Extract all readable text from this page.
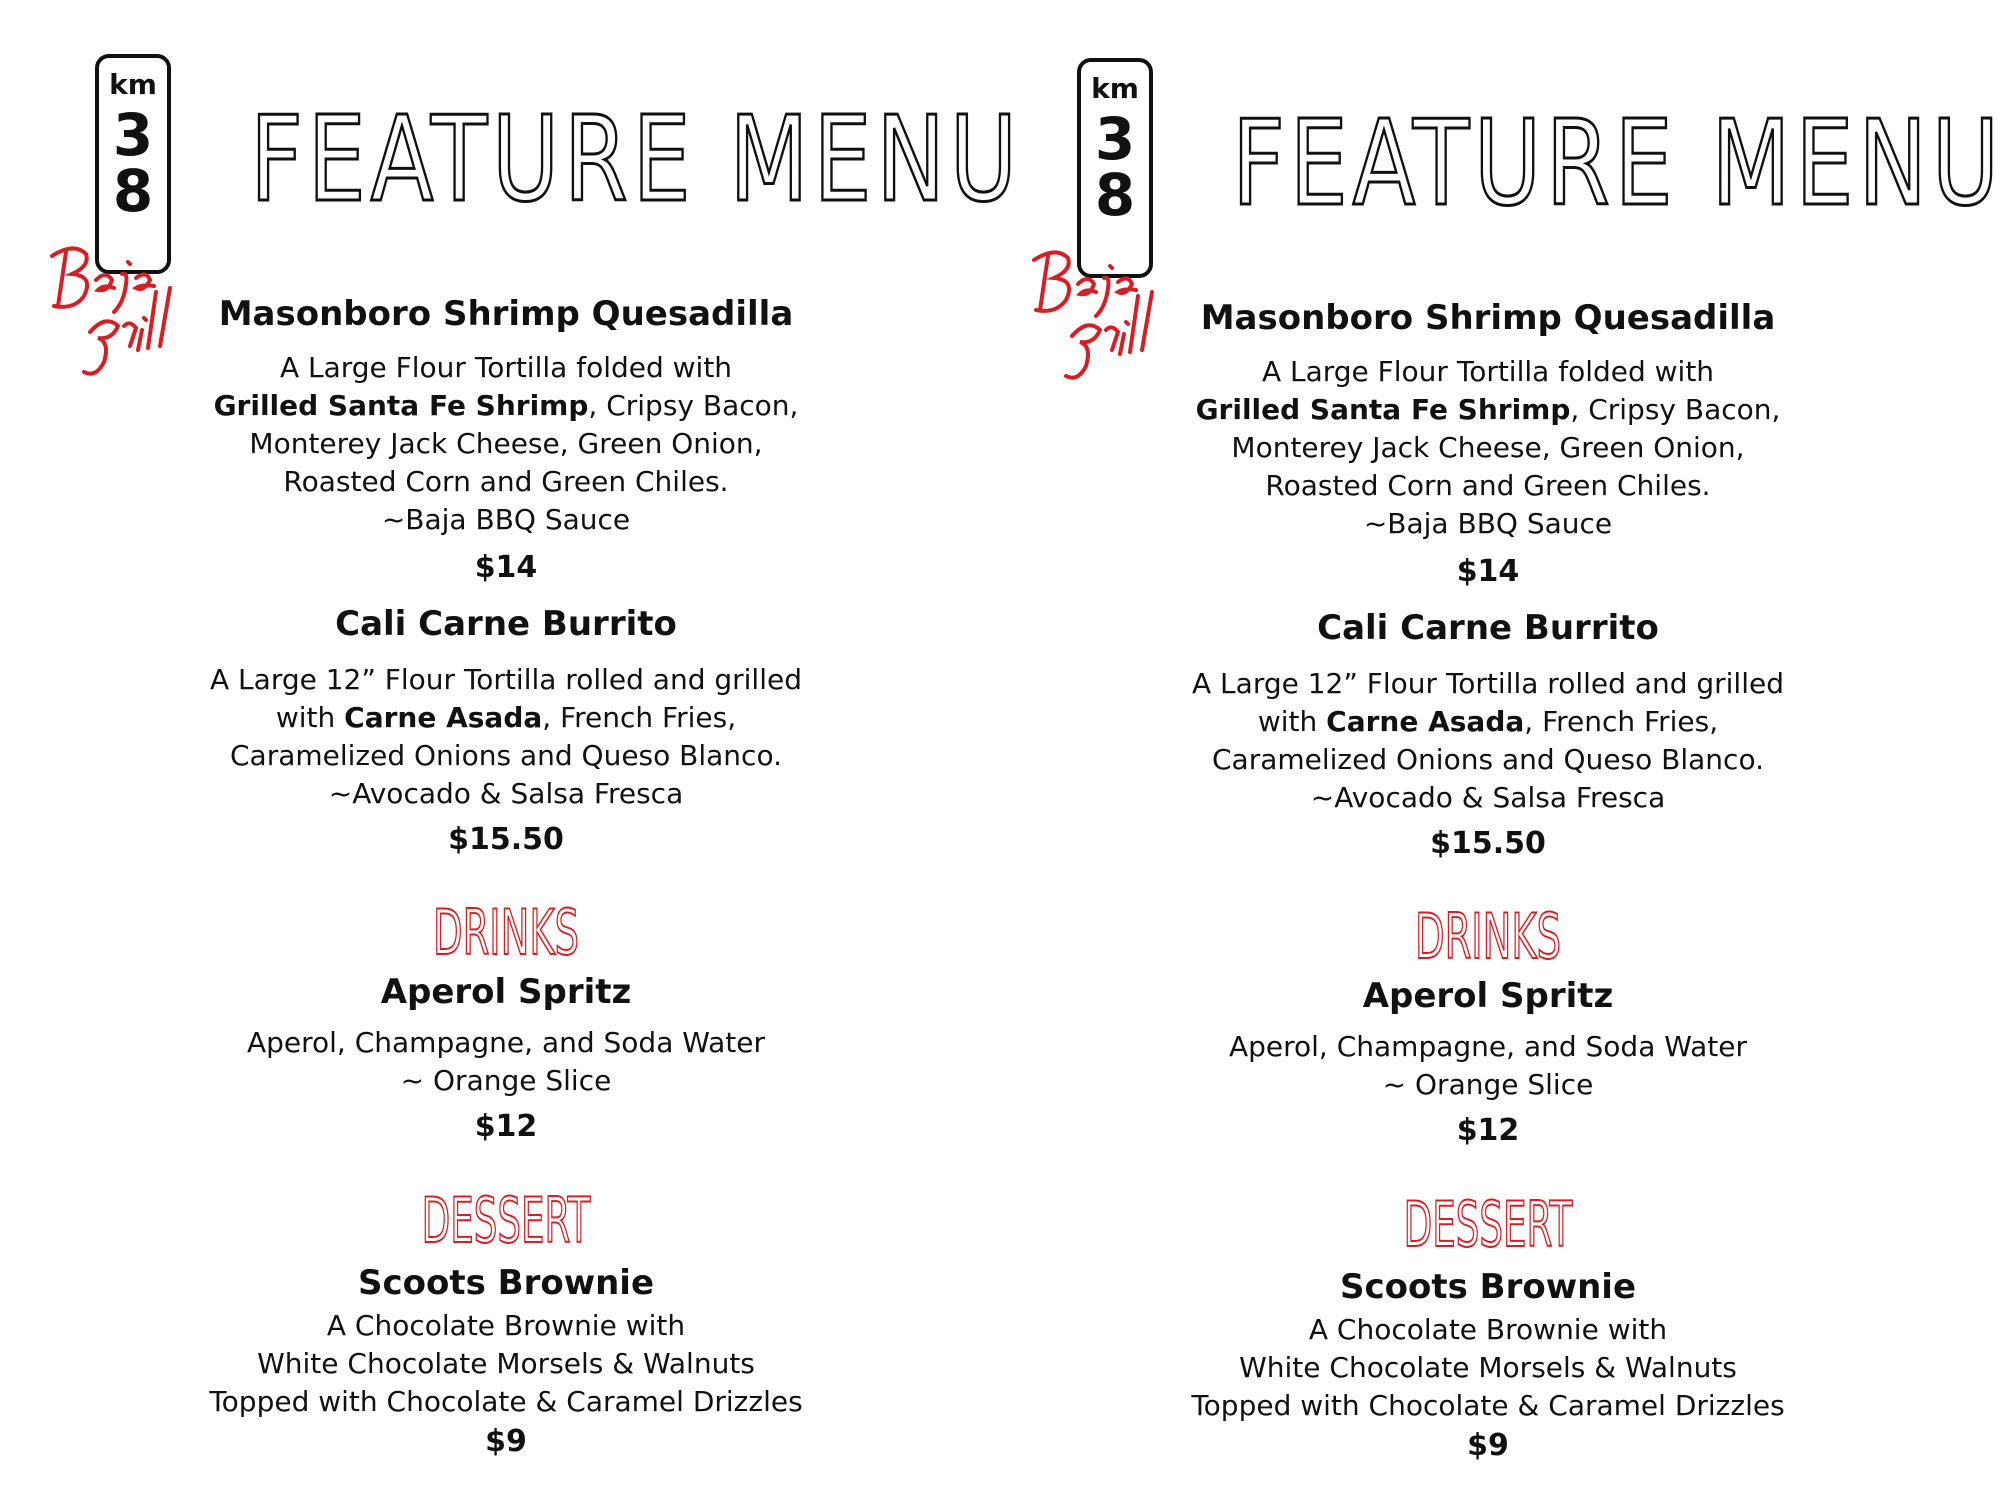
km
3
8 FEATURE MENU
Masonboro Shrimp Quesadilla
A Large Flour Tortilla folded with
Grilled Santa Fe Shrimp, Cripsy Bacon,
Monterey Jack Cheese, Green Onion,
Roasted Corn and Green Chiles.
~Baja BBQ Sauce
$14
Cali Carne Burrito
A Large 12” Flour Tortilla rolled and grilled
with Carne Asada, French Fries,
Caramelized Onions and Queso Blanco.
~Avocado & Salsa Fresca
$15.50
DRINKS
Aperol Spritz
Aperol, Champagne, and Soda Water
~ Orange Slice
$12
DESSERT
Scoots Brownie
A Chocolate Brownie with
White Chocolate Morsels & Walnuts
Topped with Chocolate & Caramel Drizzles
$9
km
3
8 FEATURE MENU
Masonboro Shrimp Quesadilla
A Large Flour Tortilla folded with
Grilled Santa Fe Shrimp, Cripsy Bacon,
Monterey Jack Cheese, Green Onion,
Roasted Corn and Green Chiles.
~Baja BBQ Sauce
$14
Cali Carne Burrito
A Large 12” Flour Tortilla rolled and grilled
with Carne Asada, French Fries,
Caramelized Onions and Queso Blanco.
~Avocado & Salsa Fresca
$15.50
DRINKS
Aperol Spritz
Aperol, Champagne, and Soda Water
~ Orange Slice
$12
DESSERT
Scoots Brownie
A Chocolate Brownie with
White Chocolate Morsels & Walnuts
Topped with Chocolate & Caramel Drizzles
$9
